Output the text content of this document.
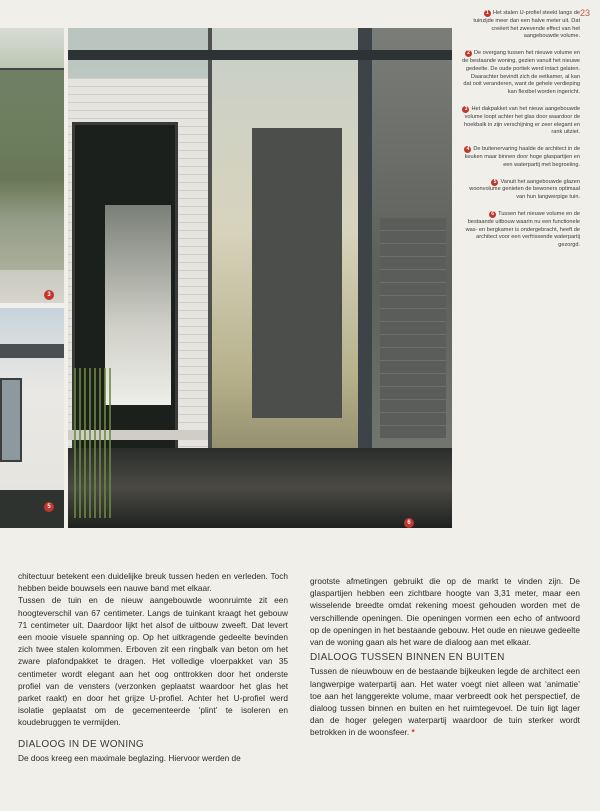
23
3
5
6
1 Het stalen U-profiel steekt langs de tuinzijde meer dan een halve meter uit. Dat creëert het zwevende effect van het aangebouwde volume.
2 De overgang tussen het nieuwe volume en de bestaande woning, gezien vanuit het nieuwe gedeelte. De oude portiek werd intact gelaten. Daarachter bevindt zich de eetkamer, al kan dat ooit veranderen, want de gehele verdieping kan flexibel worden ingericht.
3 Het dakpakket van het nieuw aangebouwde volume loopt achter het glas door waardoor de hoekbalk in zijn verschijning er zeer elegant en rank uitziet.
4 De buitenervaring haalde de architect in de keuken maar binnen door hoge glaspartijen en een waterpartij met begroeiing.
5 Vanuit het aangebouwde glazen woonvolume genieten de bewoners optimaal van hun langwerpige tuin.
6 Tussen het nieuwe volume en de bestaande uitbouw waarin nu een functionele was- en bergkamer is ondergebracht, heeft de architect voor een verfrissende waterpartij gezorgd.

chitectuur betekent een duidelijke breuk tussen heden en verleden. Toch hebben beide bouwsels een nauwe band met elkaar.

Tussen de tuin en de nieuw aangebouwde woonruimte zit een hoogteverschil van 67 centimeter. Langs de tuinkant kraagt het gebouw 71 centimeter uit. Daardoor lijkt het alsof de uitbouw zweeft. Dat levert een mooie visuele spanning op. Op het uitkragende gedeelte bevinden zich twee stalen kolommen. Erboven zit een ringbalk van beton om het zware plafondpakket te dragen. Het volledige vloerpakket van 35 centimeter wordt elegant aan het oog onttrokken door het onderste profiel van de vensters (verzonken geplaatst waardoor het glas het parket raakt) en door het grijze U-profiel. Achter het U-profiel werd isolatie geplaatst om de gecementeerde ‘plint’ te isoleren en koudebruggen te vermijden.

DIALOOG IN DE WONING

De doos kreeg een maximale beglazing. Hiervoor werden de

grootste afmetingen gebruikt die op de markt te vinden zijn. De glaspartijen hebben een zichtbare hoogte van 3,31 meter, maar een wisselende breedte omdat rekening moest gehouden worden met de verschillende openingen. Die openingen vormen een echo of antwoord op de openingen in het bestaande gebouw. Het oude en nieuwe gedeelte van de woning gaan als het ware de dialoog aan met elkaar.

DIALOOG TUSSEN BINNEN EN BUITEN

Tussen de nieuwbouw en de bestaande bijkeuken legde de architect een langwerpige waterpartij aan. Het water voegt niet alleen wat ‘animatie’ toe aan het langgerekte volume, maar verbreedt ook het perspectief, de dialoog tussen binnen en buiten en het ruimtegevoel. De tuin ligt lager dan de hoger gelegen waterpartij waardoor de tuin sterker wordt betrokken in de woonsfeer. *
